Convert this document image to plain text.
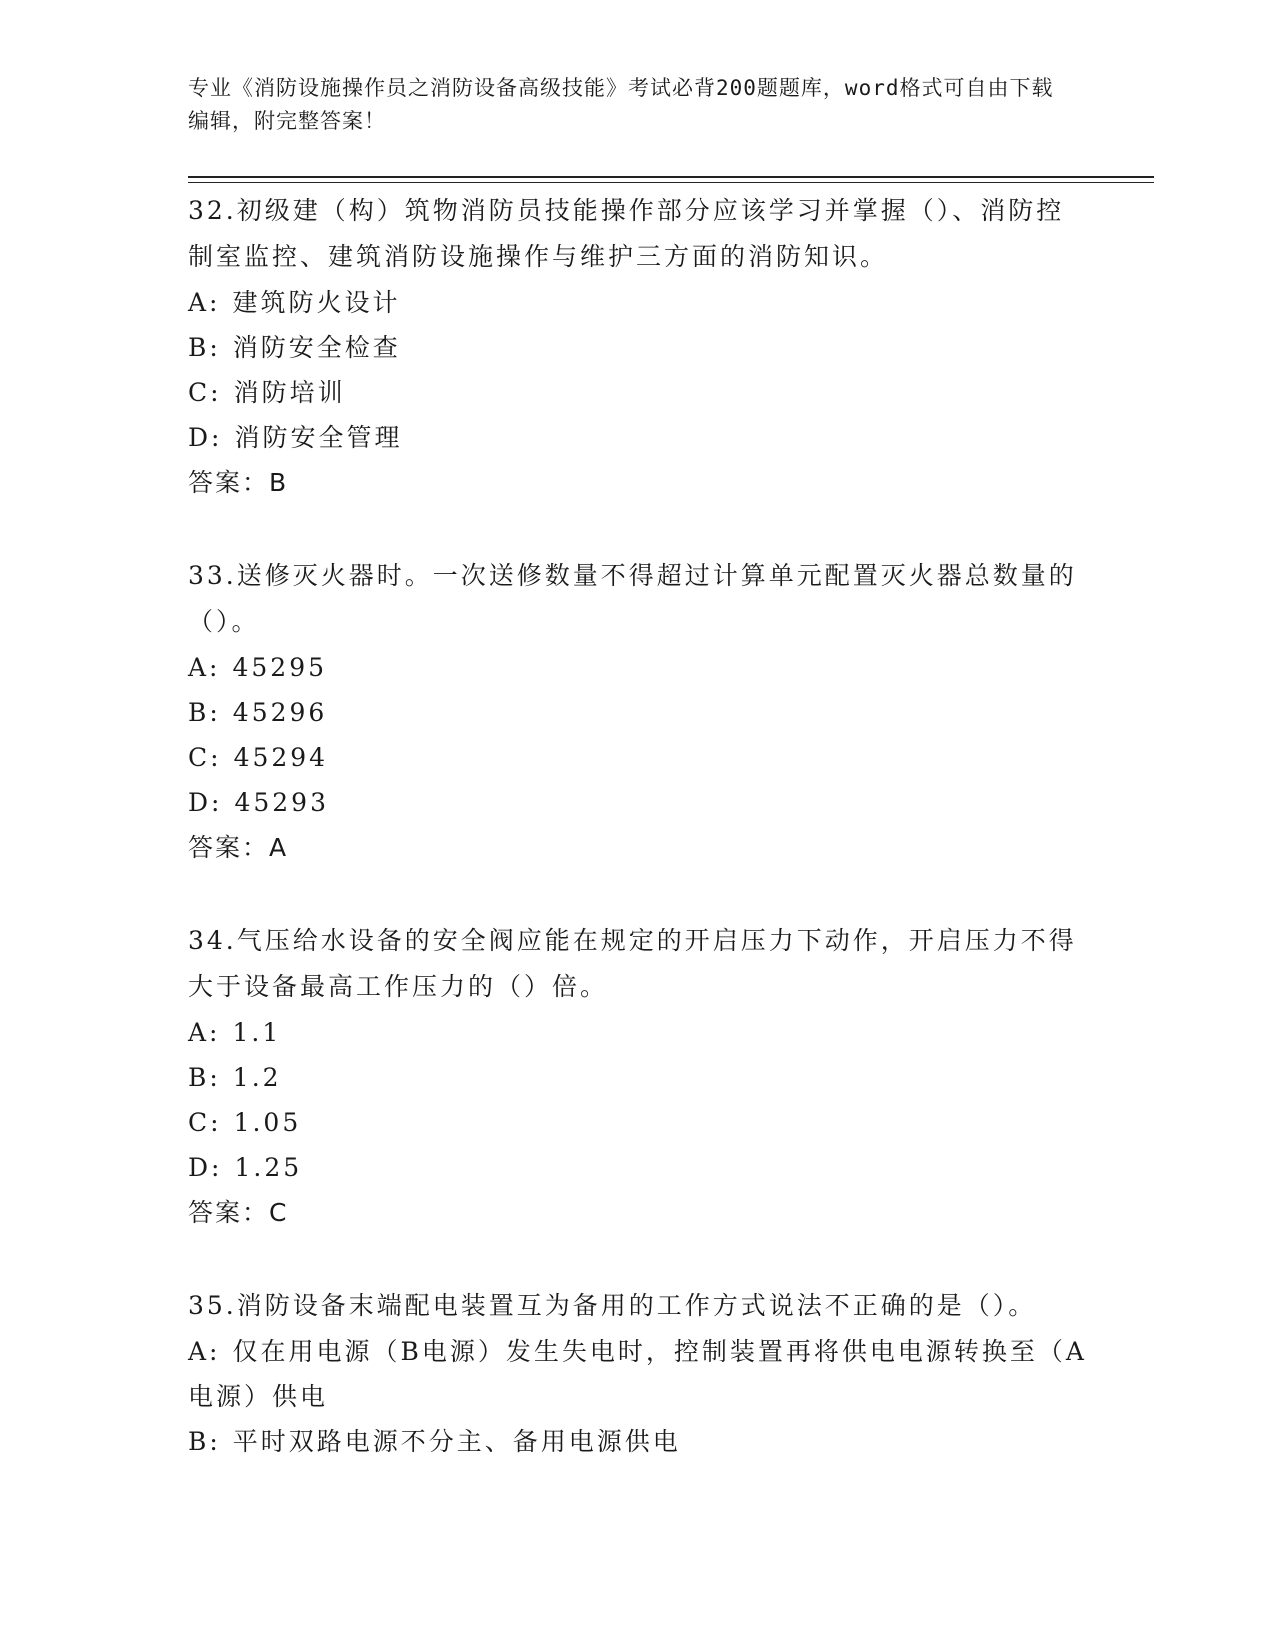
专业《消防设施操作员之消防设备高级技能》考试必背200题题库，word格式可自由下载编辑，附完整答案！

32.初级建（构）筑物消防员技能操作部分应该学习并掌握（）、消防控制室监控、建筑消防设施操作与维护三方面的消防知识。

A: 建筑防火设计

B: 消防安全检查

C: 消防培训

D: 消防安全管理

答案：B

33.送修灭火器时。一次送修数量不得超过计算单元配置灭火器总数量的（）。

A: 45295

B: 45296

C: 45294

D: 45293

答案：A

34.气压给水设备的安全阀应能在规定的开启压力下动作，开启压力不得大于设备最高工作压力的（）倍。

A: 1.1

B: 1.2

C: 1.05

D: 1.25

答案：C

35.消防设备末端配电装置互为备用的工作方式说法不正确的是（）。

A: 仅在用电源（B电源）发生失电时，控制装置再将供电电源转换至（A电源）供电

B: 平时双路电源不分主、备用电源供电
